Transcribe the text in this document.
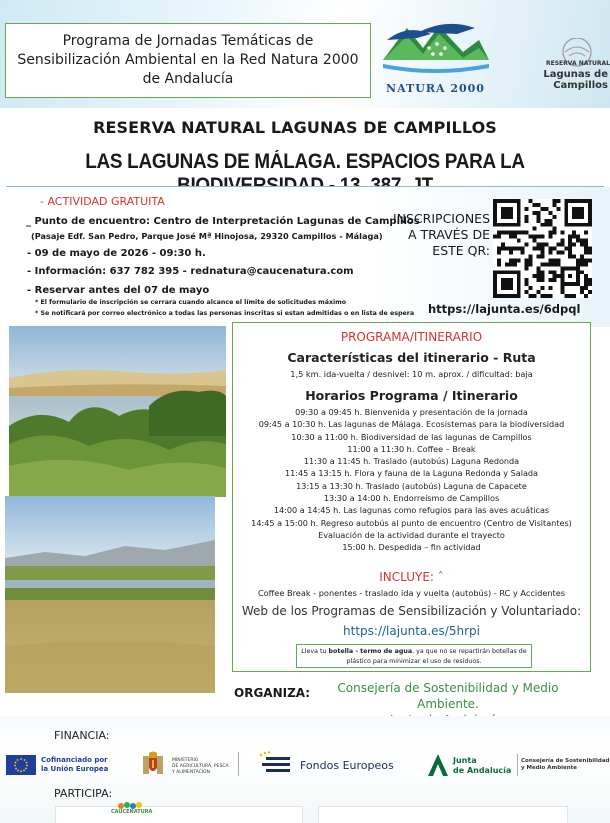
Programa de Jornadas Temáticas de Sensibilización Ambiental en la Red Natura 2000 de Andalucía
NATURA 2000
RESERVA NATURAL
Lagunas de Campillos
RESERVA NATURAL LAGUNAS DE CAMPILLOS
LAS LAGUNAS DE MÁLAGA. ESPACIOS PARA LA
- ACTIVIDAD GRATUITA
_ Punto de encuentro: Centro de Interpretación Lagunas de Campillos
(Pasaje Edf. San Pedro, Parque José Mª Hinojosa, 29320 Campillos - Málaga)
- 09 de mayo de 2026 - 09:30 h.
- Información: 637 782 395 - rednatura@caucenatura.com
- Reservar antes del 07 de mayo
* El formulario de inscripción se cerrara cuando alcance el límite de solicitudes máximo
* Se notificará por correo electrónico a todas las personas inscritas si estan admitidas o en lista de espera
INSCRIPCIONES
A TRAVÉS DE
ESTE QR:
https://lajunta.es/6dpql
PROGRAMA/ITINERARIO
Características del itinerario - Ruta
1,5 km. ida-vuelta / desnivel: 10 m. aprox. / dificultad: baja
Horarios Programa / Itinerario
09:30 a 09:45 h. Bienvenida y presentación de la jornada
09:45 a 10:30 h. Las lagunas de Málaga. Ecosistemas para la biodiversidad
10:30 a 11:00 h. Biodiversidad de las lagunas de Campillos
11:00 a 11:30 h. Coffee – Break
11:30 a 11:45 h. Traslado (autobús) Laguna Redonda
11:45 a 13:15 h. Flora y fauna de la Laguna Redonda y Salada
13:15 a 13:30 h. Traslado (autobús) Laguna de Capacete
13:30 a 14:00 h. Endorreísmo de Campillos
14:00 a 14:45 h. Las lagunas como refugios para las aves acuáticas
14:45 a 15:00 h. Regreso autobús al punto de encuentro (Centro de Visitantes)
Evaluación de la actividad durante el trayecto
15:00 h. Despedida – fin actividad
INCLUYE: ˆ
Coffee Break - ponentes - traslado ida y vuelta (autobús) - RC y Accidentes
Web de los Programas de Sensibilización y Voluntariado:
https://lajunta.es/5hrpi
Lleva tu botella - termo de agua, ya que no se repartirán botellas de
plástico para minimizar el uso de residuos.
ORGANIZA:	Consejería de Sostenibilidad y Medio Ambiente.
FINANCIA:
Cofinanciado por
la Unión Europea
MINISTERIO
DE AGRICULTURA, PESCA
Y ALIMENTACIÓN
Fondos Europeos	Junta
de Andalucía
Consejería de Sostenibilidad
y Medio Ambiente
PARTICIPA:
CAUCENATURA
